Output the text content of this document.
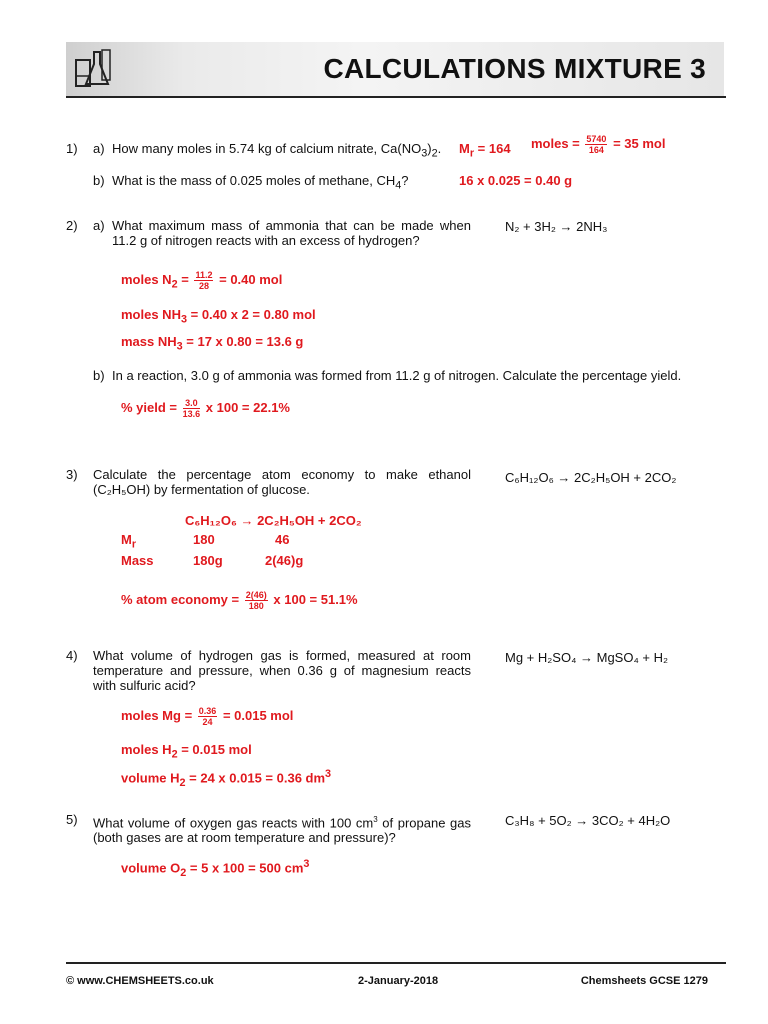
CALCULATIONS MIXTURE 3
1) a) How many moles in 5.74 kg of calcium nitrate, $Ca(NO_3)_2$. $M_r = 164$ moles = $\frac{5740}{164} = 35$ mol
b) What is the mass of 0.025 moles of methane, $CH_4$?	16 x 0.025 = 0.40 g
2) a) What maximum mass of ammonia that can be made when 11.2 g of nitrogen reacts with an excess of hydrogen?
N₂ + 3H₂ → 2NH₃
moles $N_2 = \frac{11.2}{28} = 0.40$ mol
moles $NH_3 = 0.40$ x 2 = 0.80 mol
mass $NH_3 = 17$ x 0.80 = 13.6 g
b) In a reaction, 3.0 g of ammonia was formed from 11.2 g of nitrogen. Calculate the percentage yield.
% yield = $\frac{3.0}{13.6}$ x 100 = 22.1%
3) Calculate the percentage atom economy to make ethanol (C₂H₅OH) by fermentation of glucose.
C₆H₁₂O₆ → 2C₂H₅OH + 2CO₂
C₆H₁₂O₆ → 2C₂H₅OH + 2CO₂
$M_r$	180	46
Mass	180g	2(46)g
% atom economy = $\frac{2(46)}{180}$ x 100 = 51.1%
4) What volume of hydrogen gas is formed, measured at room temperature and pressure, when 0.36 g of magnesium reacts with sulfuric acid?
Mg + H₂SO₄ → MgSO₄ + H₂
moles $Mg = \frac{0.36}{24} = 0.015$ mol
moles $H_2 = 0.015$ mol
volume $H_2 = 24$ x 0.015 = 0.36 $dm^3$
5) What volume of oxygen gas reacts with 100 $cm^3$ of propane gas (both gases are at room temperature and pressure)?
C₃H₈ + 5O₂ → 3CO₂ + 4H₂O
volume $O_2 = 5$ x 100 = 500 $cm^3$
© www.CHEMSHEETS.co.uk	2-January-2018	Chemsheets GCSE 1279
